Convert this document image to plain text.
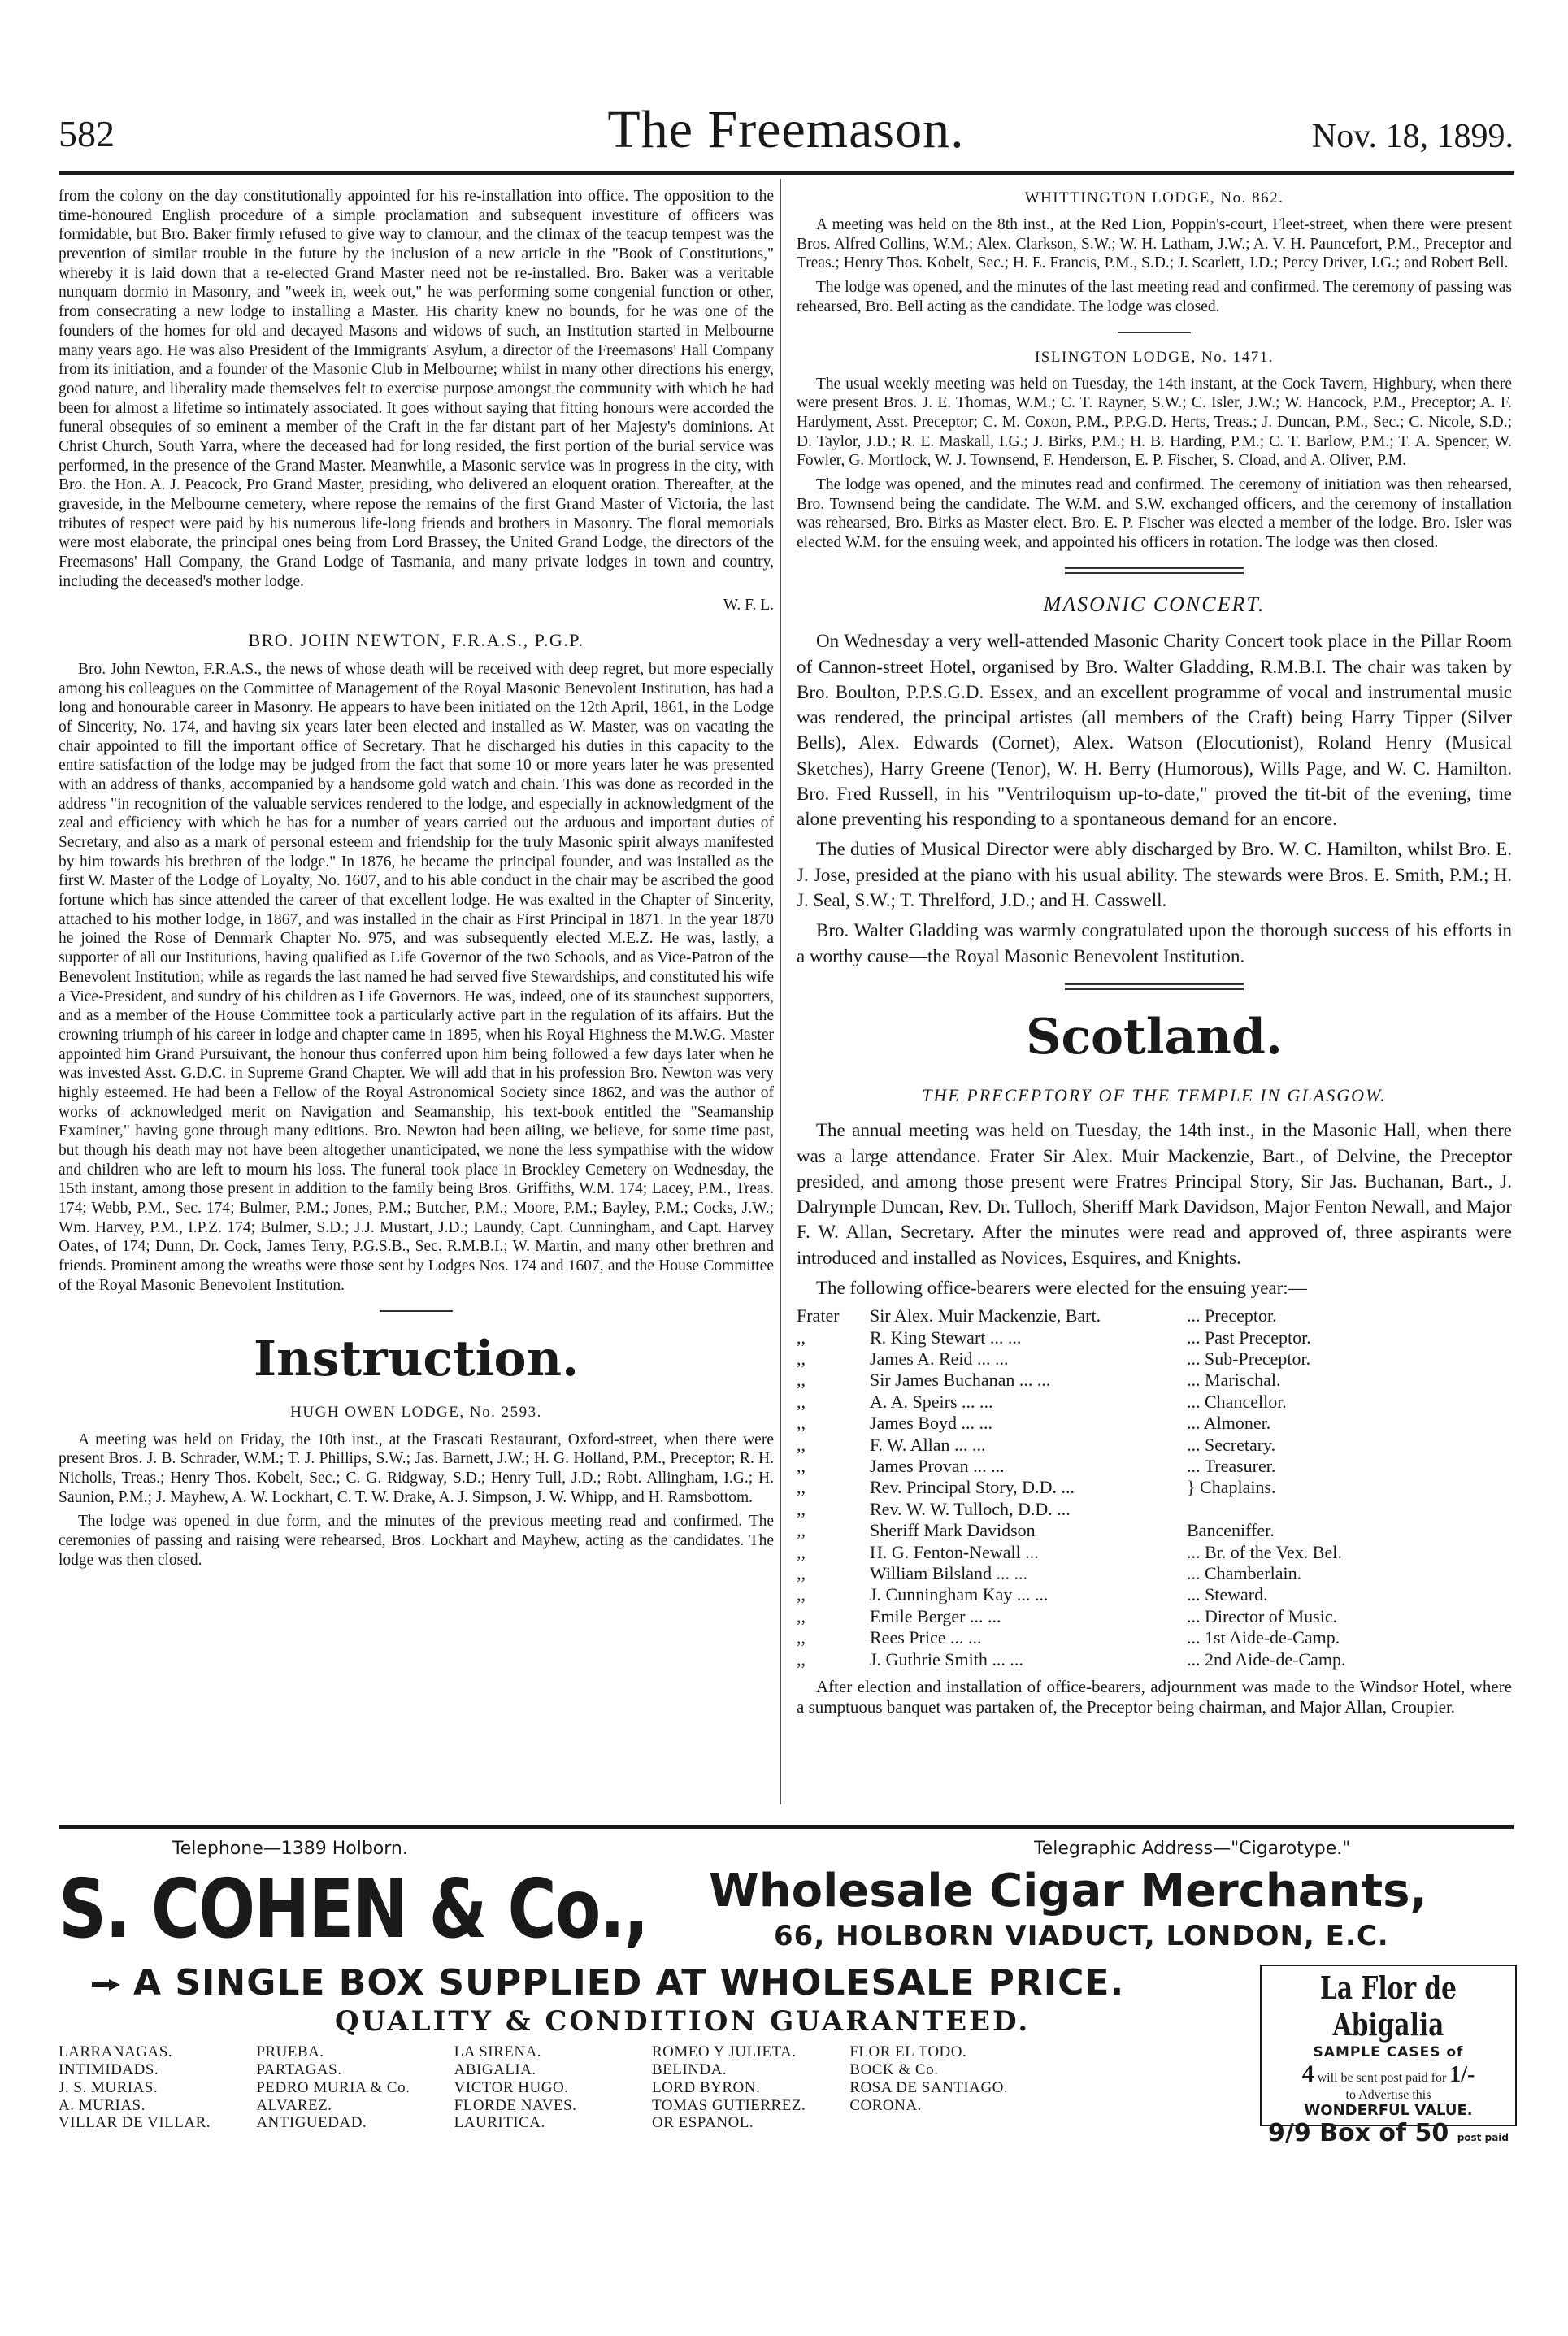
582	The Freemason.	Nov. 18, 1899.

from the colony on the day constitutionally appointed for his re-installation into office. The opposition to the time-honoured English procedure of a simple proclamation and subsequent investiture of officers was formidable, but Bro. Baker firmly refused to give way to clamour, and the climax of the teacup tempest was the prevention of similar trouble in the future by the inclusion of a new article in the "Book of Constitutions," whereby it is laid down that a re-elected Grand Master need not be re-installed. Bro. Baker was a veritable nunquam dormio in Masonry, and "week in, week out," he was performing some congenial function or other, from consecrating a new lodge to installing a Master. His charity knew no bounds, for he was one of the founders of the homes for old and decayed Masons and widows of such, an Institution started in Melbourne many years ago. He was also President of the Immigrants' Asylum, a director of the Freemasons' Hall Company from its initiation, and a founder of the Masonic Club in Melbourne; whilst in many other directions his energy, good nature, and liberality made themselves felt to exercise purpose amongst the community with which he had been for almost a lifetime so intimately associated. It goes without saying that fitting honours were accorded the funeral obsequies of so eminent a member of the Craft in the far distant part of her Majesty's dominions. At Christ Church, South Yarra, where the deceased had for long resided, the first portion of the burial service was performed, in the presence of the Grand Master. Meanwhile, a Masonic service was in progress in the city, with Bro. the Hon. A. J. Peacock, Pro Grand Master, presiding, who delivered an eloquent oration. Thereafter, at the graveside, in the Melbourne cemetery, where repose the remains of the first Grand Master of Victoria, the last tributes of respect were paid by his numerous life-long friends and brothers in Masonry. The floral memorials were most elaborate, the principal ones being from Lord Brassey, the United Grand Lodge, the directors of the Freemasons' Hall Company, the Grand Lodge of Tasmania, and many private lodges in town and country, including the deceased's mother lodge.

W. F. L.
BRO. JOHN NEWTON, F.R.A.S., P.G.P.

Bro. John Newton, F.R.A.S., the news of whose death will be received with deep regret, but more especially among his colleagues on the Committee of Management of the Royal Masonic Benevolent Institution, has had a long and honourable career in Masonry. He appears to have been initiated on the 12th April, 1861, in the Lodge of Sincerity, No. 174, and having six years later been elected and installed as W. Master, was on vacating the chair appointed to fill the important office of Secretary. That he discharged his duties in this capacity to the entire satisfaction of the lodge may be judged from the fact that some 10 or more years later he was presented with an address of thanks, accompanied by a handsome gold watch and chain. This was done as recorded in the address "in recognition of the valuable services rendered to the lodge, and especially in acknowledgment of the zeal and efficiency with which he has for a number of years carried out the arduous and important duties of Secretary, and also as a mark of personal esteem and friendship for the truly Masonic spirit always manifested by him towards his brethren of the lodge." In 1876, he became the principal founder, and was installed as the first W. Master of the Lodge of Loyalty, No. 1607, and to his able conduct in the chair may be ascribed the good fortune which has since attended the career of that excellent lodge. He was exalted in the Chapter of Sincerity, attached to his mother lodge, in 1867, and was installed in the chair as First Principal in 1871. In the year 1870 he joined the Rose of Denmark Chapter No. 975, and was subsequently elected M.E.Z. He was, lastly, a supporter of all our Institutions, having qualified as Life Governor of the two Schools, and as Vice-Patron of the Benevolent Institution; while as regards the last named he had served five Stewardships, and constituted his wife a Vice-President, and sundry of his children as Life Governors. He was, indeed, one of its staunchest supporters, and as a member of the House Committee took a particularly active part in the regulation of its affairs. But the crowning triumph of his career in lodge and chapter came in 1895, when his Royal Highness the M.W.G. Master appointed him Grand Pursuivant, the honour thus conferred upon him being followed a few days later when he was invested Asst. G.D.C. in Supreme Grand Chapter. We will add that in his profession Bro. Newton was very highly esteemed. He had been a Fellow of the Royal Astronomical Society since 1862, and was the author of works of acknowledged merit on Navigation and Seamanship, his text-book entitled the "Seamanship Examiner," having gone through many editions. Bro. Newton had been ailing, we believe, for some time past, but though his death may not have been altogether unanticipated, we none the less sympathise with the widow and children who are left to mourn his loss. The funeral took place in Brockley Cemetery on Wednesday, the 15th instant, among those present in addition to the family being Bros. Griffiths, W.M. 174; Lacey, P.M., Treas. 174; Webb, P.M., Sec. 174; Bulmer, P.M.; Jones, P.M.; Butcher, P.M.; Moore, P.M.; Bayley, P.M.; Cocks, J.W.; Wm. Harvey, P.M., I.P.Z. 174; Bulmer, S.D.; J.J. Mustart, J.D.; Laundy, Capt. Cunningham, and Capt. Harvey Oates, of 174; Dunn, Dr. Cock, James Terry, P.G.S.B., Sec. R.M.B.I.; W. Martin, and many other brethren and friends. Prominent among the wreaths were those sent by Lodges Nos. 174 and 1607, and the House Committee of the Royal Masonic Benevolent Institution.

Instruction.
HUGH OWEN LODGE, No. 2593.

A meeting was held on Friday, the 10th inst., at the Frascati Restaurant, Oxford-street, when there were present Bros. J. B. Schrader, W.M.; T. J. Phillips, S.W.; Jas. Barnett, J.W.; H. G. Holland, P.M., Preceptor; R. H. Nicholls, Treas.; Henry Thos. Kobelt, Sec.; C. G. Ridgway, S.D.; Henry Tull, J.D.; Robt. Allingham, I.G.; H. Saunion, P.M.; J. Mayhew, A. W. Lockhart, C. T. W. Drake, A. J. Simpson, J. W. Whipp, and H. Ramsbottom.

The lodge was opened in due form, and the minutes of the previous meeting read and confirmed. The ceremonies of passing and raising were rehearsed, Bros. Lockhart and Mayhew, acting as the candidates. The lodge was then closed.

WHITTINGTON LODGE, No. 862.

A meeting was held on the 8th inst., at the Red Lion, Poppin's-court, Fleet-street, when there were present Bros. Alfred Collins, W.M.; Alex. Clarkson, S.W.; W. H. Latham, J.W.; A. V. H. Pauncefort, P.M., Preceptor and Treas.; Henry Thos. Kobelt, Sec.; H. E. Francis, P.M., S.D.; J. Scarlett, J.D.; Percy Driver, I.G.; and Robert Bell.

The lodge was opened, and the minutes of the last meeting read and confirmed. The ceremony of passing was rehearsed, Bro. Bell acting as the candidate. The lodge was closed.

ISLINGTON LODGE, No. 1471.

The usual weekly meeting was held on Tuesday, the 14th instant, at the Cock Tavern, Highbury, when there were present Bros. J. E. Thomas, W.M.; C. T. Rayner, S.W.; C. Isler, J.W.; W. Hancock, P.M., Preceptor; A. F. Hardyment, Asst. Preceptor; C. M. Coxon, P.M., P.P.G.D. Herts, Treas.; J. Duncan, P.M., Sec.; C. Nicole, S.D.; D. Taylor, J.D.; R. E. Maskall, I.G.; J. Birks, P.M.; H. B. Harding, P.M.; C. T. Barlow, P.M.; T. A. Spencer, W. Fowler, G. Mortlock, W. J. Townsend, F. Henderson, E. P. Fischer, S. Cload, and A. Oliver, P.M.

The lodge was opened, and the minutes read and confirmed. The ceremony of initiation was then rehearsed, Bro. Townsend being the candidate. The W.M. and S.W. exchanged officers, and the ceremony of installation was rehearsed, Bro. Birks as Master elect. Bro. E. P. Fischer was elected a member of the lodge. Bro. Isler was elected W.M. for the ensuing week, and appointed his officers in rotation. The lodge was then closed.

MASONIC CONCERT.

On Wednesday a very well-attended Masonic Charity Concert took place in the Pillar Room of Cannon-street Hotel, organised by Bro. Walter Gladding, R.M.B.I. The chair was taken by Bro. Boulton, P.P.S.G.D. Essex, and an excellent programme of vocal and instrumental music was rendered, the principal artistes (all members of the Craft) being Harry Tipper (Silver Bells), Alex. Edwards (Cornet), Alex. Watson (Elocutionist), Roland Henry (Musical Sketches), Harry Greene (Tenor), W. H. Berry (Humorous), Wills Page, and W. C. Hamilton. Bro. Fred Russell, in his "Ventriloquism up-to-date," proved the tit-bit of the evening, time alone preventing his responding to a spontaneous demand for an encore.

The duties of Musical Director were ably discharged by Bro. W. C. Hamilton, whilst Bro. E. J. Jose, presided at the piano with his usual ability. The stewards were Bros. E. Smith, P.M.; H. J. Seal, S.W.; T. Threlford, J.D.; and H. Casswell.

Bro. Walter Gladding was warmly congratulated upon the thorough success of his efforts in a worthy cause—the Royal Masonic Benevolent Institution.

Scotland.
THE PRECEPTORY OF THE TEMPLE IN GLASGOW.

The annual meeting was held on Tuesday, the 14th inst., in the Masonic Hall, when there was a large attendance. Frater Sir Alex. Muir Mackenzie, Bart., of Delvine, the Preceptor presided, and among those present were Fratres Principal Story, Sir Jas. Buchanan, Bart., J. Dalrymple Duncan, Rev. Dr. Tulloch, Sheriff Mark Davidson, Major Fenton Newall, and Major F. W. Allan, Secretary. After the minutes were read and approved of, three aspirants were introduced and installed as Novices, Esquires, and Knights.

The following office-bearers were elected for the ensuing year:—

Frater	Sir Alex. Muir Mackenzie, Bart.	... Preceptor.
,,	R. King Stewart ... ...	... Past Preceptor.
,,	James A. Reid ... ...	... Sub-Preceptor.
,,	Sir James Buchanan ... ...	... Marischal.
,,	A. A. Speirs ... ...	... Chancellor.
,,	James Boyd ... ...	... Almoner.
,,	F. W. Allan ... ...	... Secretary.
,,	James Provan ... ...	... Treasurer.
,,	Rev. Principal Story, D.D. ...	} Chaplains.
,,	Rev. W. W. Tulloch, D.D. ...
,,	Sheriff Mark Davidson	Banceniffer.
,,	H. G. Fenton-Newall ...	... Br. of the Vex. Bel.
,,	William Bilsland ... ...	... Chamberlain.
,,	J. Cunningham Kay ... ...	... Steward.
,,	Emile Berger ... ...	... Director of Music.
,,	Rees Price ... ...	... 1st Aide-de-Camp.
,,	J. Guthrie Smith ... ...	... 2nd Aide-de-Camp.

After election and installation of office-bearers, adjournment was made to the Windsor Hotel, where a sumptuous banquet was partaken of, the Preceptor being chairman, and Major Allan, Croupier.

Telephone—1389 Holborn.	Telegraphic Address—"Cigarotype."
S. COHEN & Co., Wholesale Cigar Merchants,
66, HOLBORN VIADUCT, LONDON, E.C.
A SINGLE BOX SUPPLIED AT WHOLESALE PRICE.
QUALITY & CONDITION GUARANTEED.
LARRANAGAS.	PRUEBA.	LA SIRENA.	ROMEO Y JULIETA.	FLOR EL TODO.
INTIMIDADS.	PARTAGAS.	ABIGALIA.	BELINDA.	BOCK & Co.
J. S. MURIAS.	PEDRO MURIA & Co.	VICTOR HUGO.	LORD BYRON.	ROSA DE SANTIAGO.
A. MURIAS.	ALVAREZ.	FLORDE NAVES.	TOMAS GUTIERREZ.	CORONA.
VILLAR DE VILLAR.	ANTIGUEDAD.	LAURITICA.	OR ESPANOL.
La Flor de Abigalia
SAMPLE CASES of
4 will be sent post paid for 1/-
to Advertise this
WONDERFUL VALUE.
9/9 Box of 50 post paid
